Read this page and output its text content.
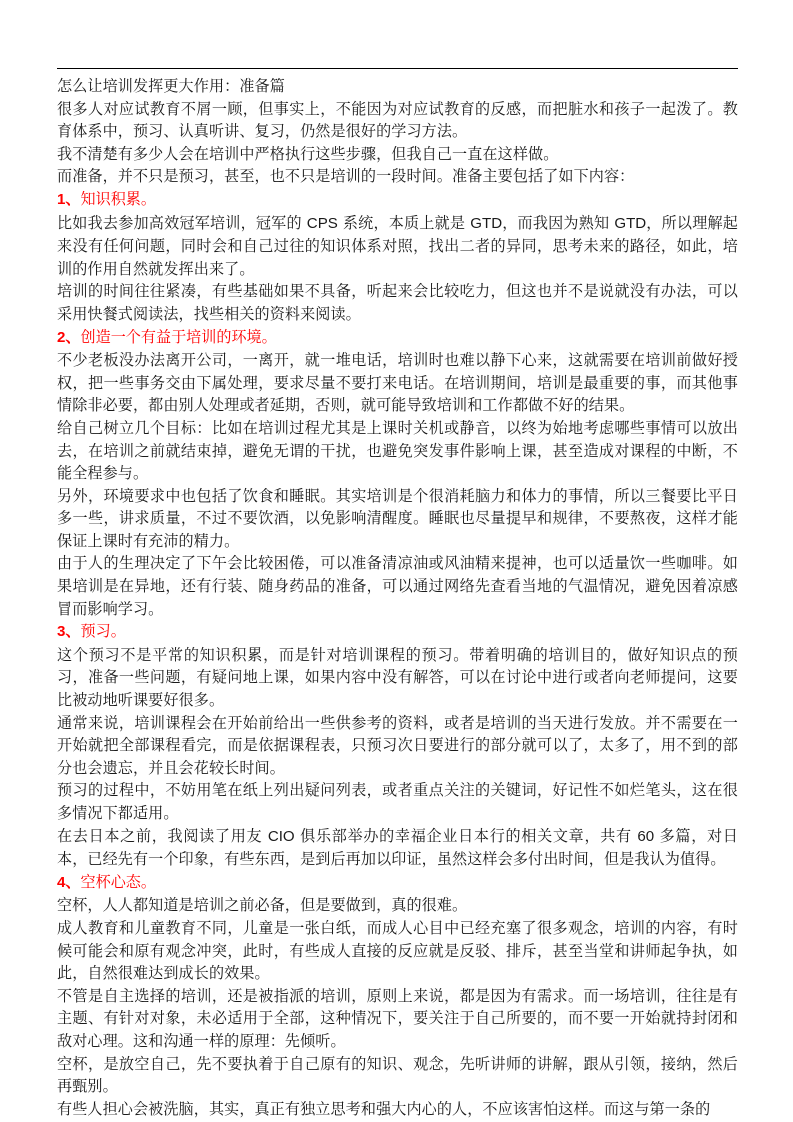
怎么让培训发挥更大作用：准备篇

很多人对应试教育不屑一顾，但事实上，不能因为对应试教育的反感，而把脏水和孩子一起泼了。教育体系中，预习、认真听讲、复习，仍然是很好的学习方法。

我不清楚有多少人会在培训中严格执行这些步骤，但我自己一直在这样做。

而准备，并不只是预习，甚至，也不只是培训的一段时间。准备主要包括了如下内容：

1、知识积累。

比如我去参加高效冠军培训，冠军的 CPS 系统，本质上就是 GTD，而我因为熟知 GTD，所以理解起来没有任何问题，同时会和自己过往的知识体系对照，找出二者的异同，思考未来的路径，如此，培训的作用自然就发挥出来了。

培训的时间往往紧凑，有些基础如果不具备，听起来会比较吃力，但这也并不是说就没有办法，可以采用快餐式阅读法，找些相关的资料来阅读。

2、创造一个有益于培训的环境。

不少老板没办法离开公司，一离开，就一堆电话，培训时也难以静下心来，这就需要在培训前做好授权，把一些事务交由下属处理，要求尽量不要打来电话。在培训期间，培训是最重要的事，而其他事情除非必要，都由别人处理或者延期，否则，就可能导致培训和工作都做不好的结果。

给自己树立几个目标：比如在培训过程尤其是上课时关机或静音，以终为始地考虑哪些事情可以放出去，在培训之前就结束掉，避免无谓的干扰，也避免突发事件影响上课，甚至造成对课程的中断，不能全程参与。

另外，环境要求中也包括了饮食和睡眠。其实培训是个很消耗脑力和体力的事情，所以三餐要比平日多一些，讲求质量，不过不要饮酒，以免影响清醒度。睡眠也尽量提早和规律，不要熬夜，这样才能保证上课时有充沛的精力。

由于人的生理决定了下午会比较困倦，可以准备清凉油或风油精来提神，也可以适量饮一些咖啡。如果培训是在异地，还有行装、随身药品的准备，可以通过网络先查看当地的气温情况，避免因着凉感冒而影响学习。

3、预习。

这个预习不是平常的知识积累，而是针对培训课程的预习。带着明确的培训目的，做好知识点的预习，准备一些问题，有疑问地上课，如果内容中没有解答，可以在讨论中进行或者向老师提问，这要比被动地听课要好很多。

通常来说，培训课程会在开始前给出一些供参考的资料，或者是培训的当天进行发放。并不需要在一开始就把全部课程看完，而是依据课程表，只预习次日要进行的部分就可以了，太多了，用不到的部分也会遗忘，并且会花较长时间。

预习的过程中，不妨用笔在纸上列出疑问列表，或者重点关注的关键词，好记性不如烂笔头，这在很多情况下都适用。

在去日本之前，我阅读了用友 CIO 俱乐部举办的幸福企业日本行的相关文章，共有 60 多篇，对日本，已经先有一个印象，有些东西，是到后再加以印证，虽然这样会多付出时间，但是我认为值得。

4、空杯心态。

空杯，人人都知道是培训之前必备，但是要做到，真的很难。

成人教育和儿童教育不同，儿童是一张白纸，而成人心目中已经充塞了很多观念，培训的内容，有时候可能会和原有观念冲突，此时，有些成人直接的反应就是反驳、排斥，甚至当堂和讲师起争执，如此，自然很难达到成长的效果。

不管是自主选择的培训，还是被指派的培训，原则上来说，都是因为有需求。而一场培训，往往是有主题、有针对对象，未必适用于全部，这种情况下，要关注于自己所要的，而不要一开始就持封闭和敌对心理。这和沟通一样的原理：先倾听。

空杯，是放空自己，先不要执着于自己原有的知识、观念，先听讲师的讲解，跟从引领，接纳，然后再甄别。

有些人担心会被洗脑，其实，真正有独立思考和强大内心的人，不应该害怕这样。而这与第一条的
